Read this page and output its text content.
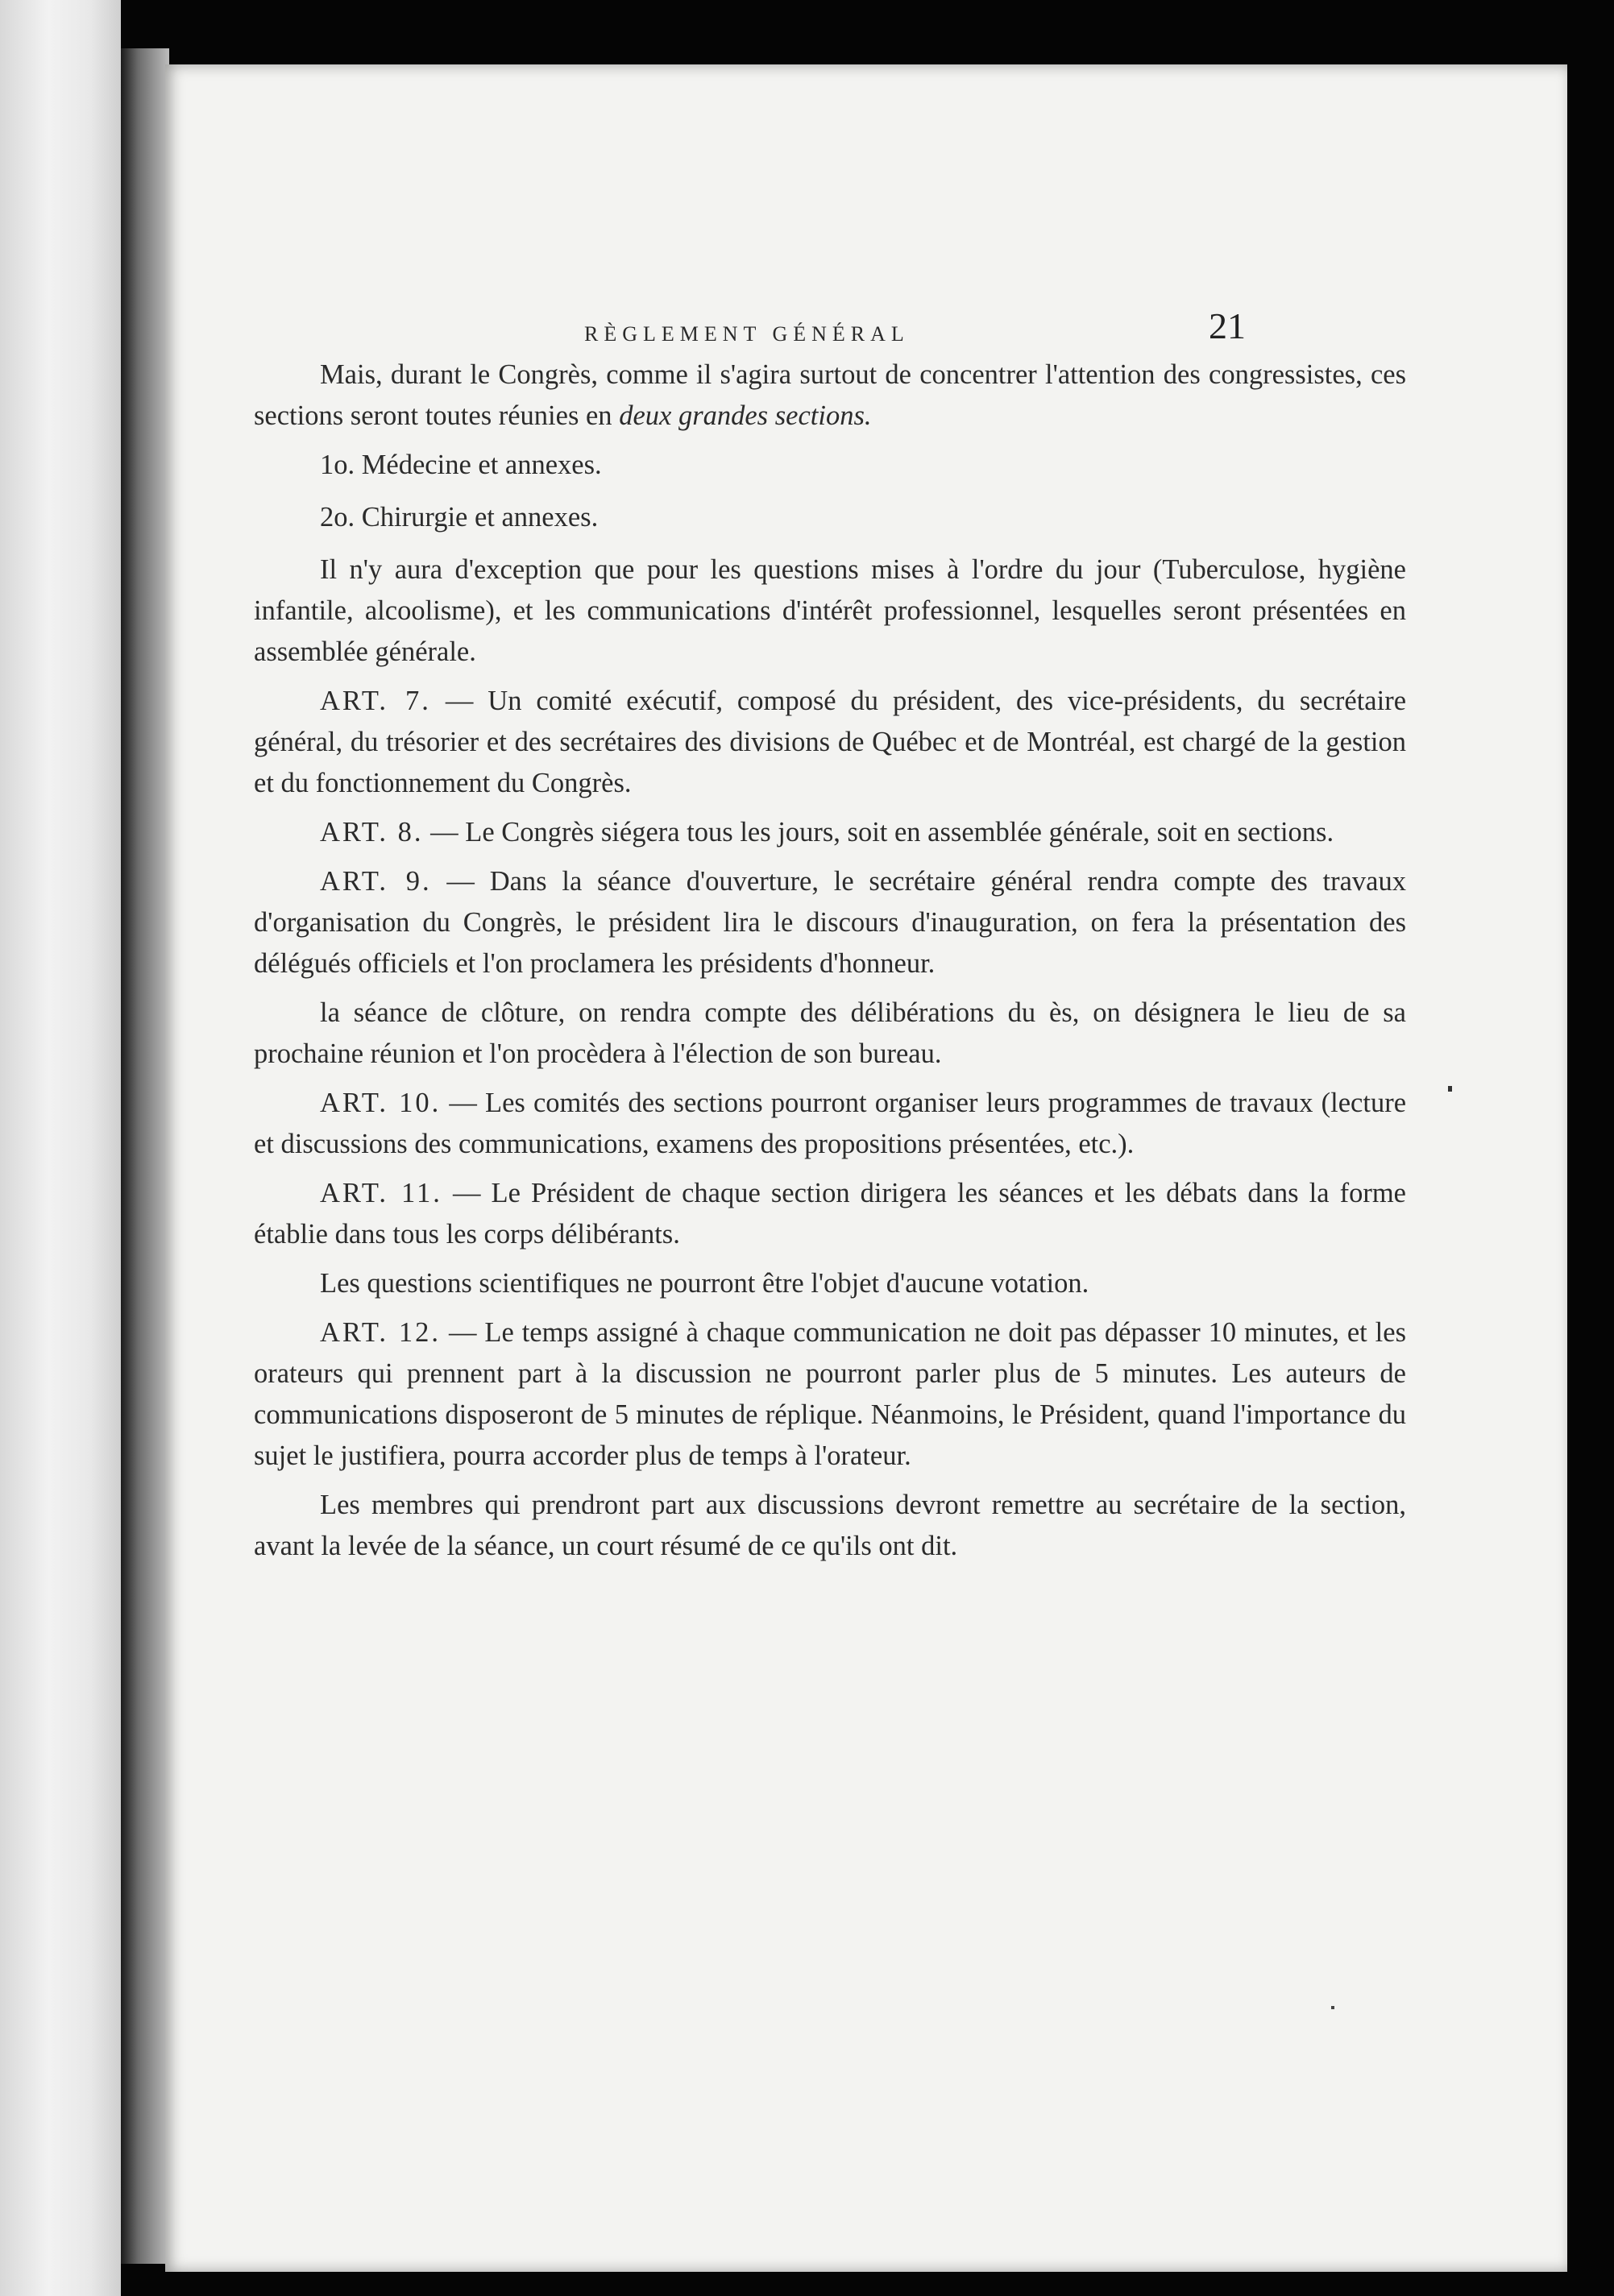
RÈGLEMENT GÉNÉRAL	21

Mais, durant le Congrès, comme il s'agira surtout de concentrer l'attention des congressistes, ces sections seront toutes réunies en deux grandes sections.

1o. Médecine et annexes.

2o. Chirurgie et annexes.

Il n'y aura d'exception que pour les questions mises à l'ordre du jour (Tuberculose, hygiène infantile, alcoolisme), et les communications d'intérêt professionnel, lesquelles seront présentées en assemblée générale.

ART. 7. — Un comité exécutif, composé du président, des vice-présidents, du secrétaire général, du trésorier et des secrétaires des divisions de Québec et de Montréal, est chargé de la gestion et du fonctionnement du Congrès.

ART. 8. — Le Congrès siégera tous les jours, soit en assemblée générale, soit en sections.

ART. 9. — Dans la séance d'ouverture, le secrétaire général rendra compte des travaux d'organisation du Congrès, le président lira le discours d'inauguration, on fera la présentation des délégués officiels et l'on proclamera les présidents d'honneur.

la séance de clôture, on rendra compte des délibérations du ès, on désignera le lieu de sa prochaine réunion et l'on procèdera à l'élection de son bureau.

ART. 10. — Les comités des sections pourront organiser leurs programmes de travaux (lecture et discussions des communications, examens des propositions présentées, etc.).

ART. 11. — Le Président de chaque section dirigera les séances et les débats dans la forme établie dans tous les corps délibérants.

Les questions scientifiques ne pourront être l'objet d'aucune votation.

ART. 12. — Le temps assigné à chaque communication ne doit pas dépasser 10 minutes, et les orateurs qui prennent part à la discussion ne pourront parler plus de 5 minutes. Les auteurs de communications disposeront de 5 minutes de réplique. Néanmoins, le Président, quand l'importance du sujet le justifiera, pourra accorder plus de temps à l'orateur.

Les membres qui prendront part aux discussions devront remettre au secrétaire de la section, avant la levée de la séance, un court résumé de ce qu'ils ont dit.
